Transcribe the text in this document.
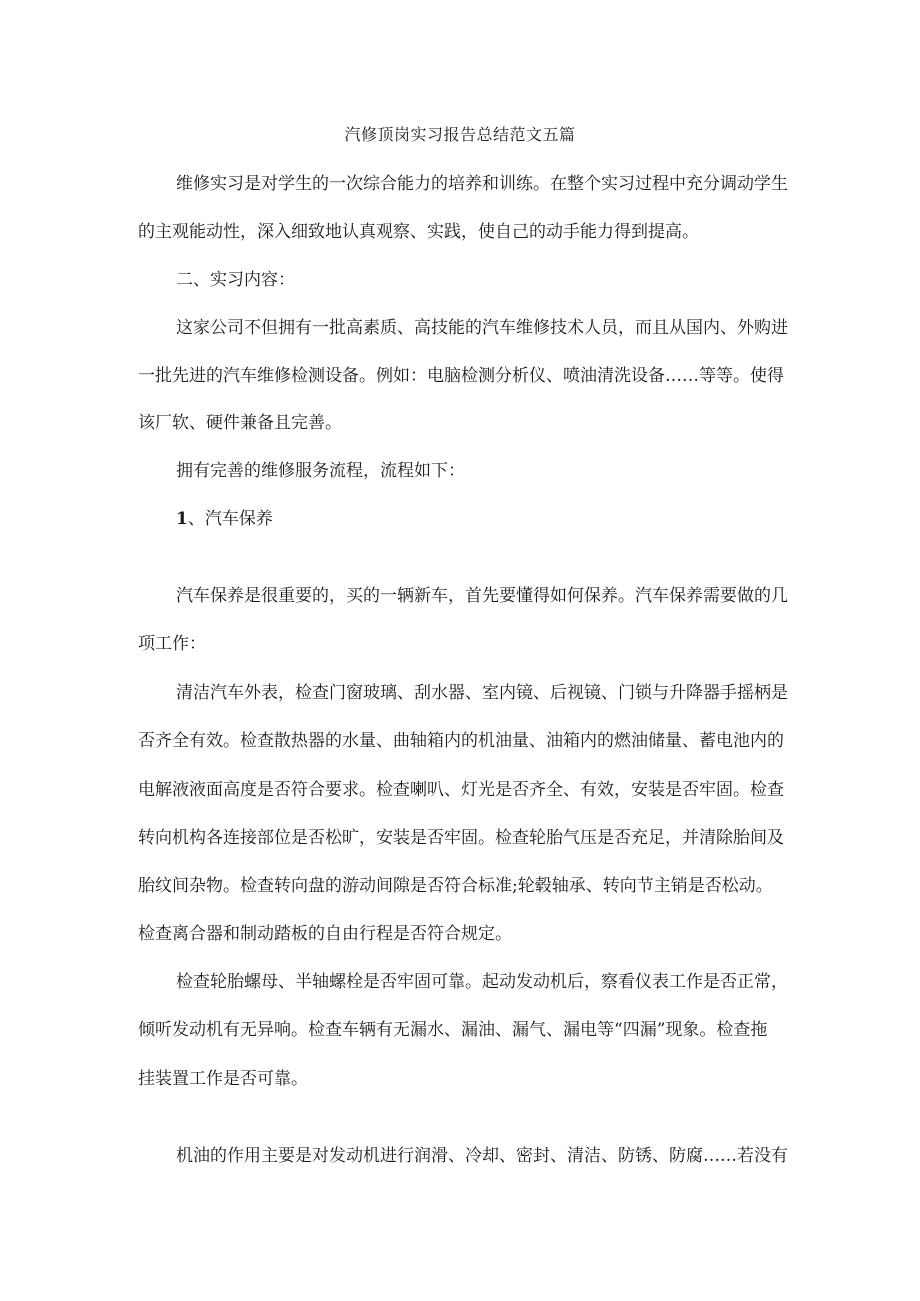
汽修顶岗实习报告总结范文五篇
维修实习是对学生的一次综合能力的培养和训练。在整个实习过程中充分调动学生
的主观能动性，深入细致地认真观察、实践，使自己的动手能力得到提高。
二、实习内容：
这家公司不但拥有一批高素质、高技能的汽车维修技术人员，而且从国内、外购进
一批先进的汽车维修检测设备。例如：电脑检测分析仪、喷油清洗设备……等等。使得
该厂软、硬件兼备且完善。
拥有完善的维修服务流程，流程如下：
1、汽车保养
汽车保养是很重要的，买的一辆新车，首先要懂得如何保养。汽车保养需要做的几
项工作：
清洁汽车外表，检查门窗玻璃、刮水器、室内镜、后视镜、门锁与升降器手摇柄是
否齐全有效。检查散热器的水量、曲轴箱内的机油量、油箱内的燃油储量、蓄电池内的
电解液液面高度是否符合要求。检查喇叭、灯光是否齐全、有效，安装是否牢固。检查
转向机构各连接部位是否松旷，安装是否牢固。检查轮胎气压是否充足，并清除胎间及
胎纹间杂物。检查转向盘的游动间隙是否符合标准;轮毂轴承、转向节主销是否松动。
检查离合器和制动踏板的自由行程是否符合规定。
检查轮胎螺母、半轴螺栓是否牢固可靠。起动发动机后，察看仪表工作是否正常，
倾听发动机有无异响。检查车辆有无漏水、漏油、漏气、漏电等“四漏”现象。检查拖
挂装置工作是否可靠。
机油的作用主要是对发动机进行润滑、冷却、密封、清洁、防锈、防腐……若没有
